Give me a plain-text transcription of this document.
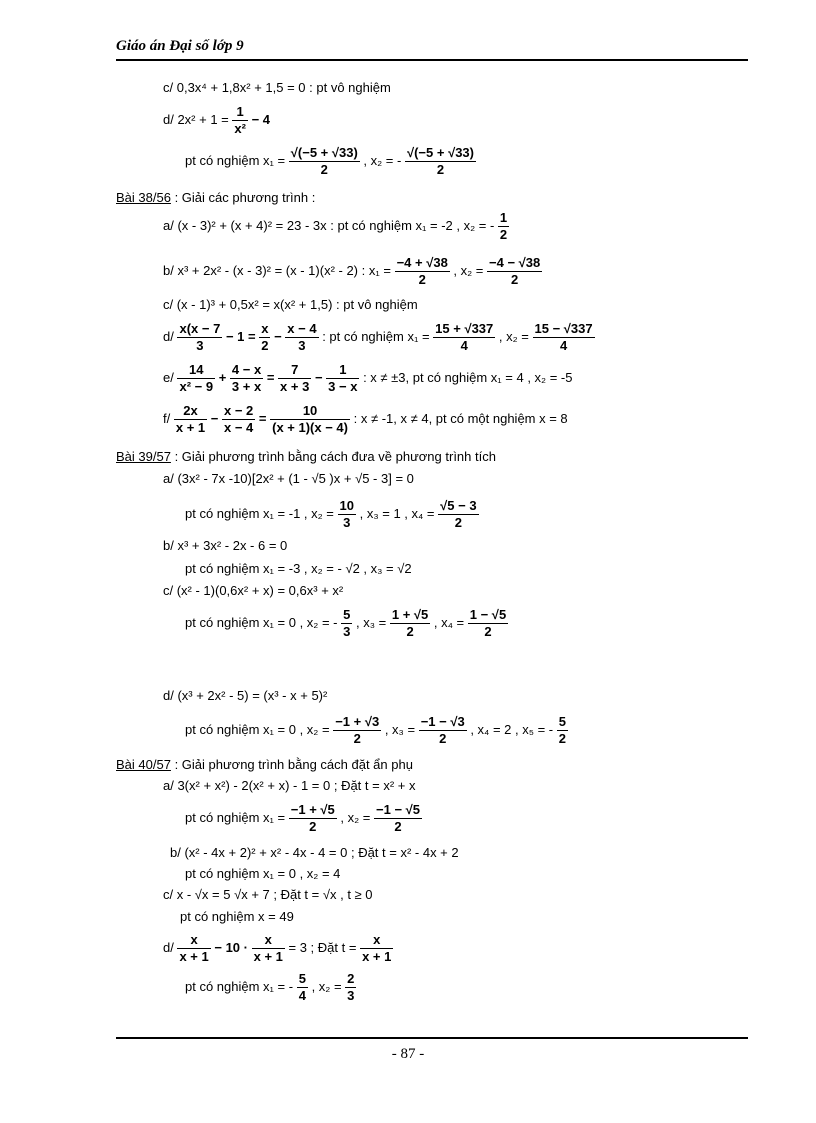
Giáo án Đại số lớp 9
c/ 0,3x⁴ + 1,8x² + 1,5 = 0 : pt vô nghiệm
d/ $2x^2 + 1 = \frac{1}{\text{x²}} - 4$
pt có nghiệm $x_1 = \frac{√(-5 + √33)}{2}$ , x₂ = - $\frac{√(-5 + √33)}{2}$
Bài 38/56 : Giải các phương trình :
a/ (x - 3)² + (x + 4)² = 23 - 3x : pt có nghiệm x₁ = -2 , x₂ = - $\frac{1}{2}$
b/ x³ + 2x² - (x - 3)² = (x - 1)(x² - 2) : $x_1 = \frac{-4 + √38}{2}$ , $x_2 = \frac{-4 - √38}{2}$
c/ (x - 1)³ + 0,5x² = x(x² + 1,5) : pt vô nghiệm
$d/ \frac{x(x - 7}{3} - 1 = \frac{x}{2} - \frac{x - 4}{3}$ : pt có nghiệm $x_1 = \frac{15 + √337}{4}$ , $x_2 = \frac{15 - √337}{4}$
$e/ \frac{14}{\text{x² − 9}} + \frac{4 - x}{3 + x} = \frac{7}{x + 3} - \frac{1}{3 - x}$ : x ≠ ±3, pt có nghiệm x₁ = 4 , x₂ = -5
$f/ \frac{2x}{x + 1} - \frac{x - 2}{x - 4} = \frac{10}{(x + 1)(x - 4)}$ : x ≠ -1, x ≠ 4, pt có một nghiệm x = 8
Bài 39/57 : Giải phương trình bằng cách đưa về phương trình tích
a/ (3x² - 7x -10)[2x² + (1 - √5 )x + √5 - 3] = 0
pt có nghiệm x₁ = -1 , $x_2 = \frac{10}{3}$ , x₃ = 1 , $x_4 = \frac{√5 - 3}{2}$
b/ x³ + 3x² - 2x - 6 = 0
pt có nghiệm x₁ = -3 , x₂ = - √2 , x₃ = √2
c/ (x² - 1)(0,6x² + x) = 0,6x³ + x²
pt có nghiệm x₁ = 0 , x₂ = - $\frac{5}{3}$ , $x_3 = \frac{1 + √5}{2}$ , $x_4 = \frac{1 - √5}{2}$
d/ (x³ + 2x² - 5) = (x³ - x + 5)²
pt có nghiệm x₁ = 0 , $x_2 = \frac{-1 + √3}{2}$ , $x_3 = \frac{-1 - √3}{2}$ , x₄ = 2 , x₅ = - $\frac{5}{2}$
Bài 40/57 : Giải phương trình bằng cách đặt ẩn phụ
a/ 3(x² + x²) - 2(x² + x) - 1 = 0 ; Đặt t = x² + x
pt có nghiệm $x_1 = \frac{-1 + √5}{2}$ , $x_2 = \frac{-1 - √5}{2}$
b/ (x² - 4x + 2)² + x² - 4x - 4 = 0 ; Đặt t = x² - 4x + 2
pt có nghiệm x₁ = 0 , x₂ = 4
c/ x - √x = 5 √x + 7 ; Đặt t = √x , t ≥ 0
pt có nghiệm x = 49
$d/ \frac{x}{x + 1} - 10 \cdot \frac{x}{x + 1} = 3$ ; Đặt $t = \frac{x}{x + 1}$
pt có nghiệm x₁ = - $\frac{5}{4}$ , $x_2 = \frac{2}{3}$
- 87 -
